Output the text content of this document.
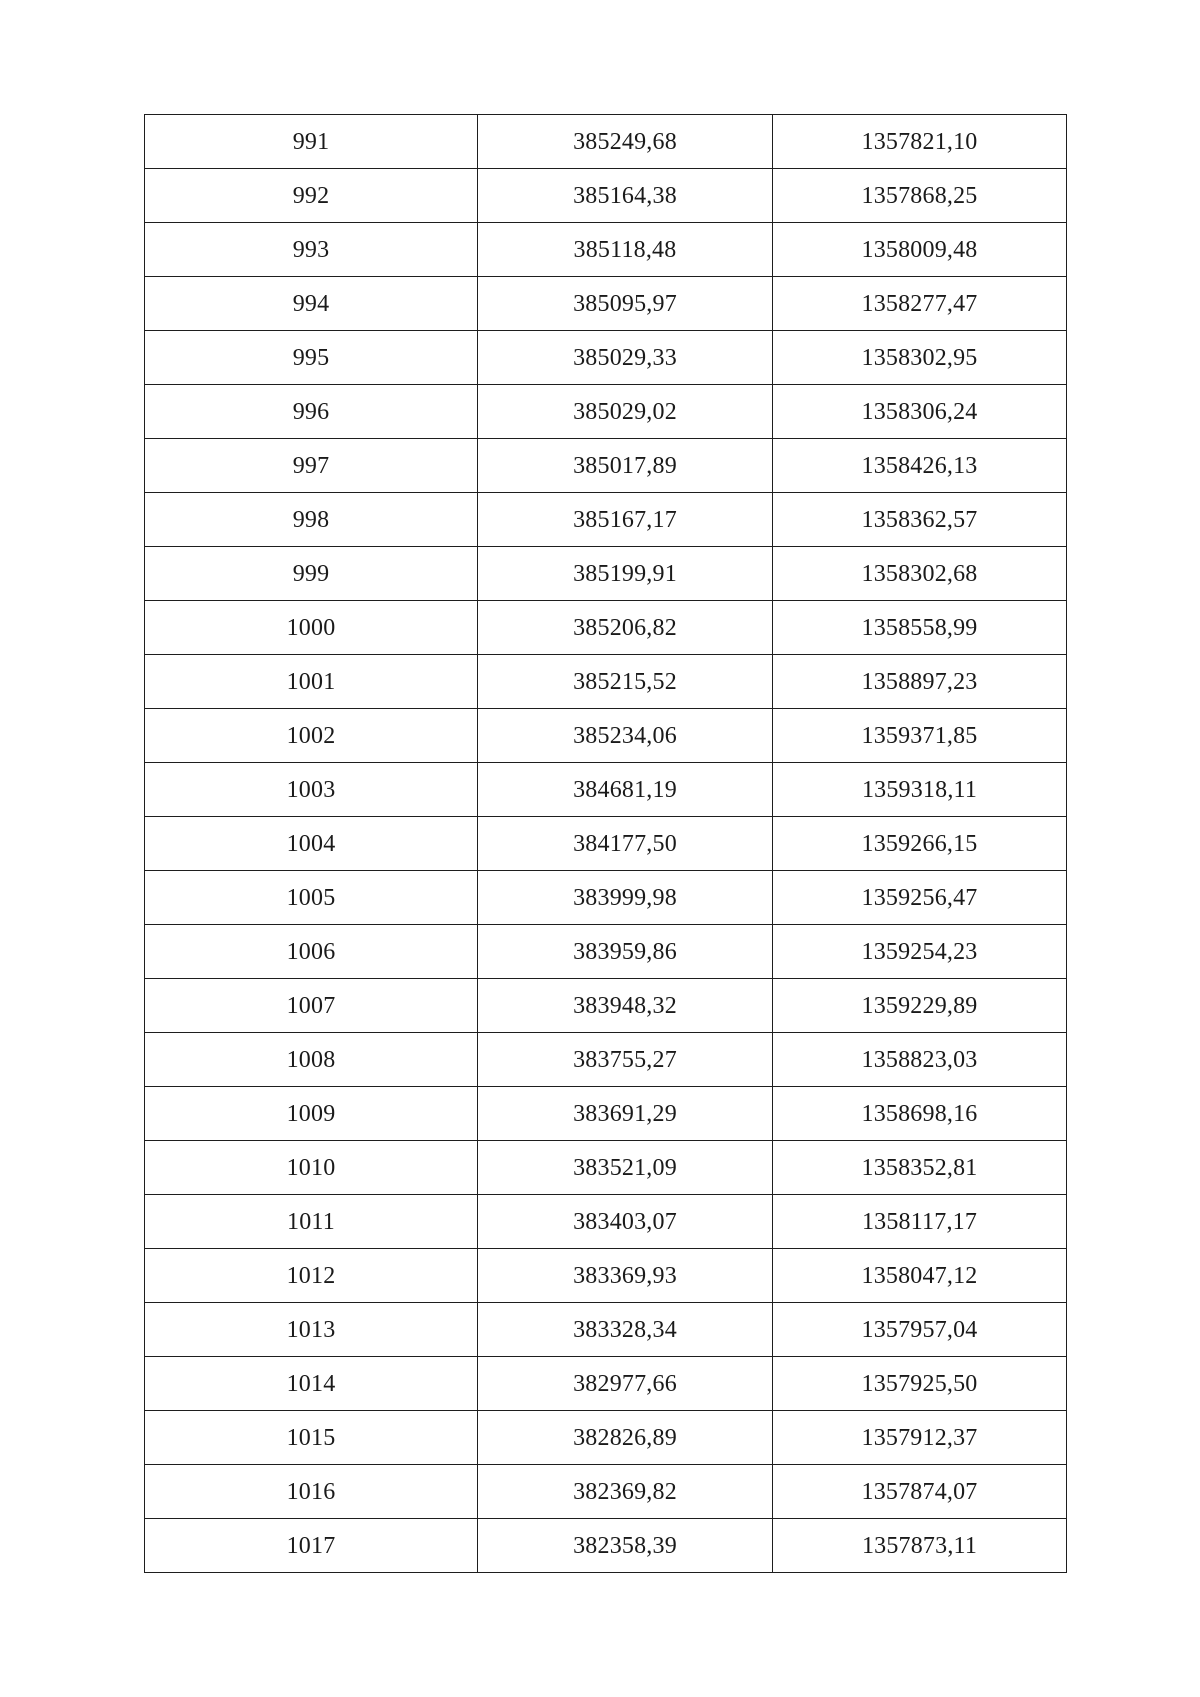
991	385249,68	1357821,10
992	385164,38	1357868,25
993	385118,48	1358009,48
994	385095,97	1358277,47
995	385029,33	1358302,95
996	385029,02	1358306,24
997	385017,89	1358426,13
998	385167,17	1358362,57
999	385199,91	1358302,68
1000	385206,82	1358558,99
1001	385215,52	1358897,23
1002	385234,06	1359371,85
1003	384681,19	1359318,11
1004	384177,50	1359266,15
1005	383999,98	1359256,47
1006	383959,86	1359254,23
1007	383948,32	1359229,89
1008	383755,27	1358823,03
1009	383691,29	1358698,16
1010	383521,09	1358352,81
1011	383403,07	1358117,17
1012	383369,93	1358047,12
1013	383328,34	1357957,04
1014	382977,66	1357925,50
1015	382826,89	1357912,37
1016	382369,82	1357874,07
1017	382358,39	1357873,11
